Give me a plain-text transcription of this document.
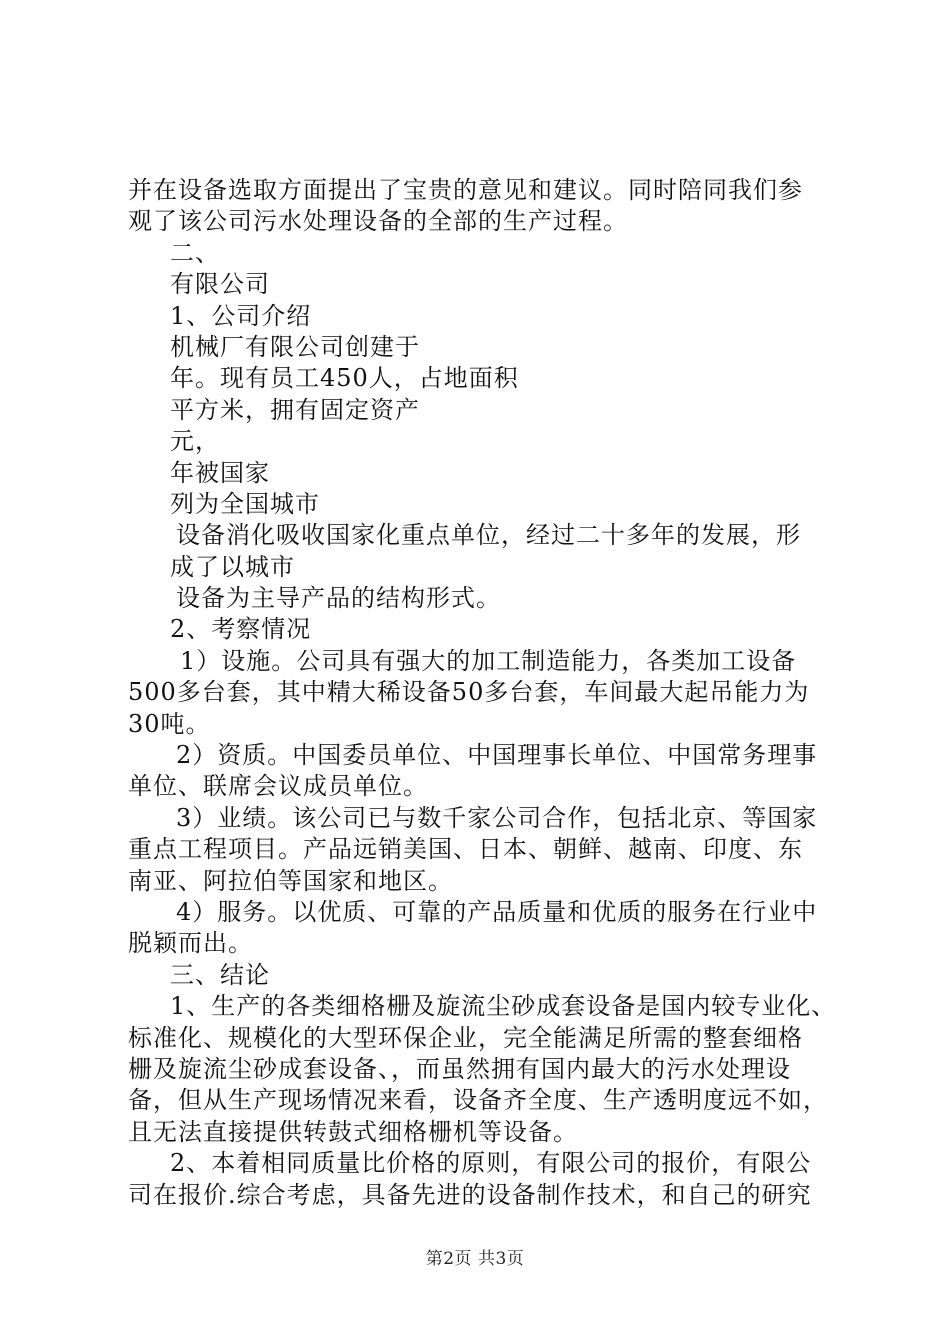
并在设备选取方面提出了宝贵的意见和建议。同时陪同我们参
观了该公司污水处理设备的全部的生产过程。
二、
有限公司
1、公司介绍
机械厂有限公司创建于
年。现有员工450人，占地面积
平方米，拥有固定资产
元，
年被国家
列为全国城市
设备消化吸收国家化重点单位，经过二十多年的发展，形
成了以城市
设备为主导产品的结构形式。
2、考察情况
1）设施。公司具有强大的加工制造能力，各类加工设备
500多台套，其中精大稀设备50多台套，车间最大起吊能力为
30吨。
2）资质。中国委员单位、中国理事长单位、中国常务理事
单位、联席会议成员单位。
3）业绩。该公司已与数千家公司合作，包括北京、等国家
重点工程项目。产品远销美国、日本、朝鲜、越南、印度、东
南亚、阿拉伯等国家和地区。
4）服务。以优质、可靠的产品质量和优质的服务在行业中
脱颖而出。
三、结论
1、生产的各类细格栅及旋流尘砂成套设备是国内较专业化、
标准化、规模化的大型环保企业，完全能满足所需的整套细格
栅及旋流尘砂成套设备、，而虽然拥有国内最大的污水处理设
备，但从生产现场情况来看，设备齐全度、生产透明度远不如，
且无法直接提供转鼓式细格栅机等设备。
2、本着相同质量比价格的原则，有限公司的报价，有限公
司在报价.综合考虑，具备先进的设备制作技术，和自己的研究
第2页 共3页
